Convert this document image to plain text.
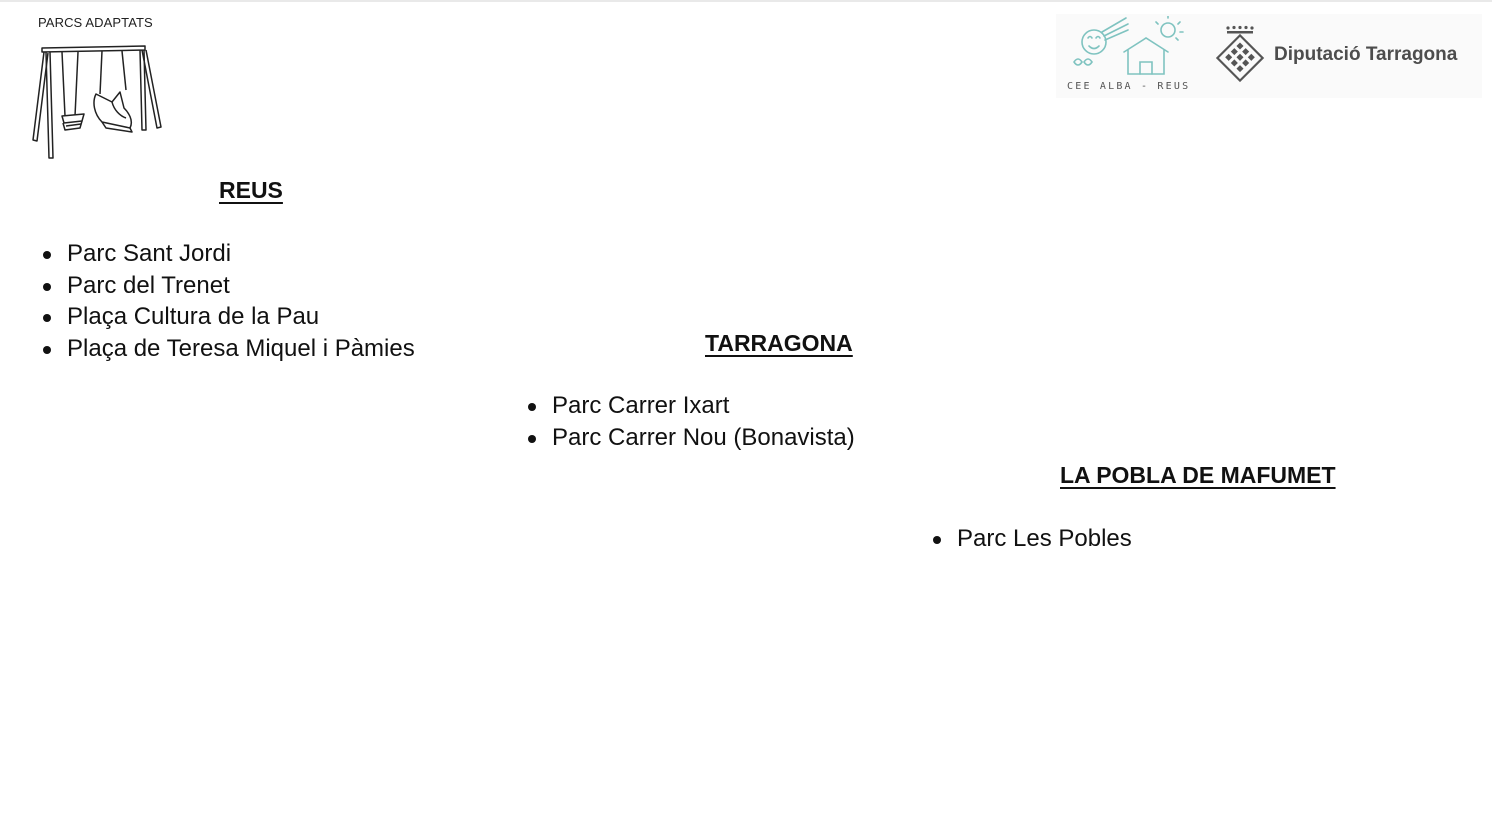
PARCS ADAPTATS
CEE ALBA - REUS
Diputació Tarragona
REUS
Parc Sant Jordi
Parc del Trenet
Plaça Cultura de la Pau
Plaça de Teresa Miquel i Pàmies	TARRAGONA
Parc Carrer Ixart
Parc Carrer Nou (Bonavista)
LA POBLA DE MAFUMET
Parc Les Pobles
